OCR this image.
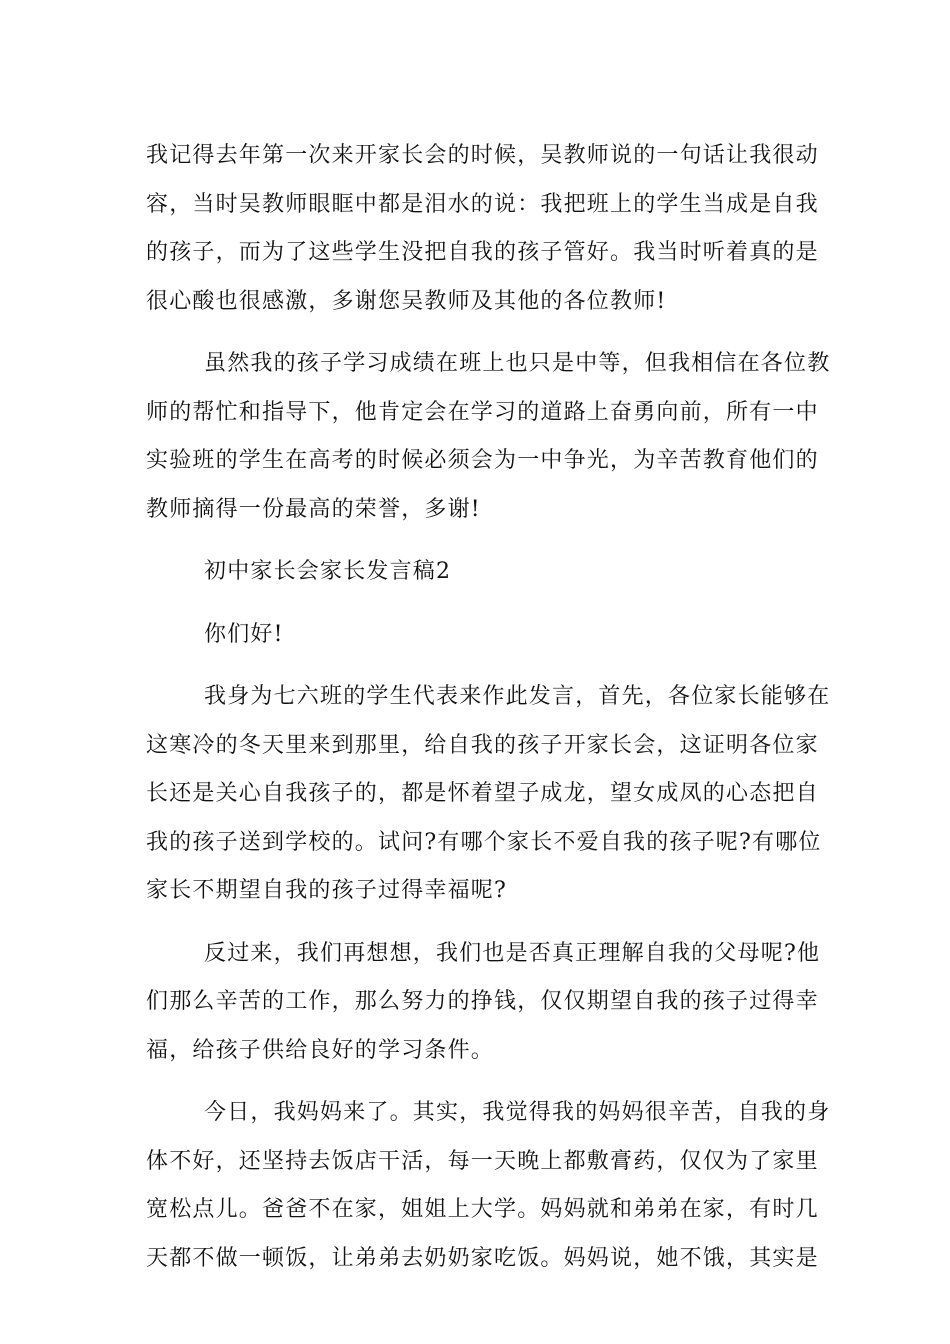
我记得去年第一次来开家长会的时候，吴教师说的一句话让我很动
容，当时吴教师眼眶中都是泪水的说：我把班上的学生当成是自我
的孩子，而为了这些学生没把自我的孩子管好。我当时听着真的是
很心酸也很感激，多谢您吴教师及其他的各位教师!
虽然我的孩子学习成绩在班上也只是中等，但我相信在各位教
师的帮忙和指导下，他肯定会在学习的道路上奋勇向前，所有一中
实验班的学生在高考的时候必须会为一中争光，为辛苦教育他们的
教师摘得一份最高的荣誉，多谢!
初中家长会家长发言稿2
你们好!
我身为七六班的学生代表来作此发言，首先，各位家长能够在
这寒冷的冬天里来到那里，给自我的孩子开家长会，这证明各位家
长还是关心自我孩子的，都是怀着望子成龙，望女成凤的心态把自
我的孩子送到学校的。试问?有哪个家长不爱自我的孩子呢?有哪位
家长不期望自我的孩子过得幸福呢?
反过来，我们再想想，我们也是否真正理解自我的父母呢?他
们那么辛苦的工作，那么努力的挣钱，仅仅期望自我的孩子过得幸
福，给孩子供给良好的学习条件。
今日，我妈妈来了。其实，我觉得我的妈妈很辛苦，自我的身
体不好，还坚持去饭店干活，每一天晚上都敷膏药，仅仅为了家里
宽松点儿。爸爸不在家，姐姐上大学。妈妈就和弟弟在家，有时几
天都不做一顿饭，让弟弟去奶奶家吃饭。妈妈说，她不饿，其实是
